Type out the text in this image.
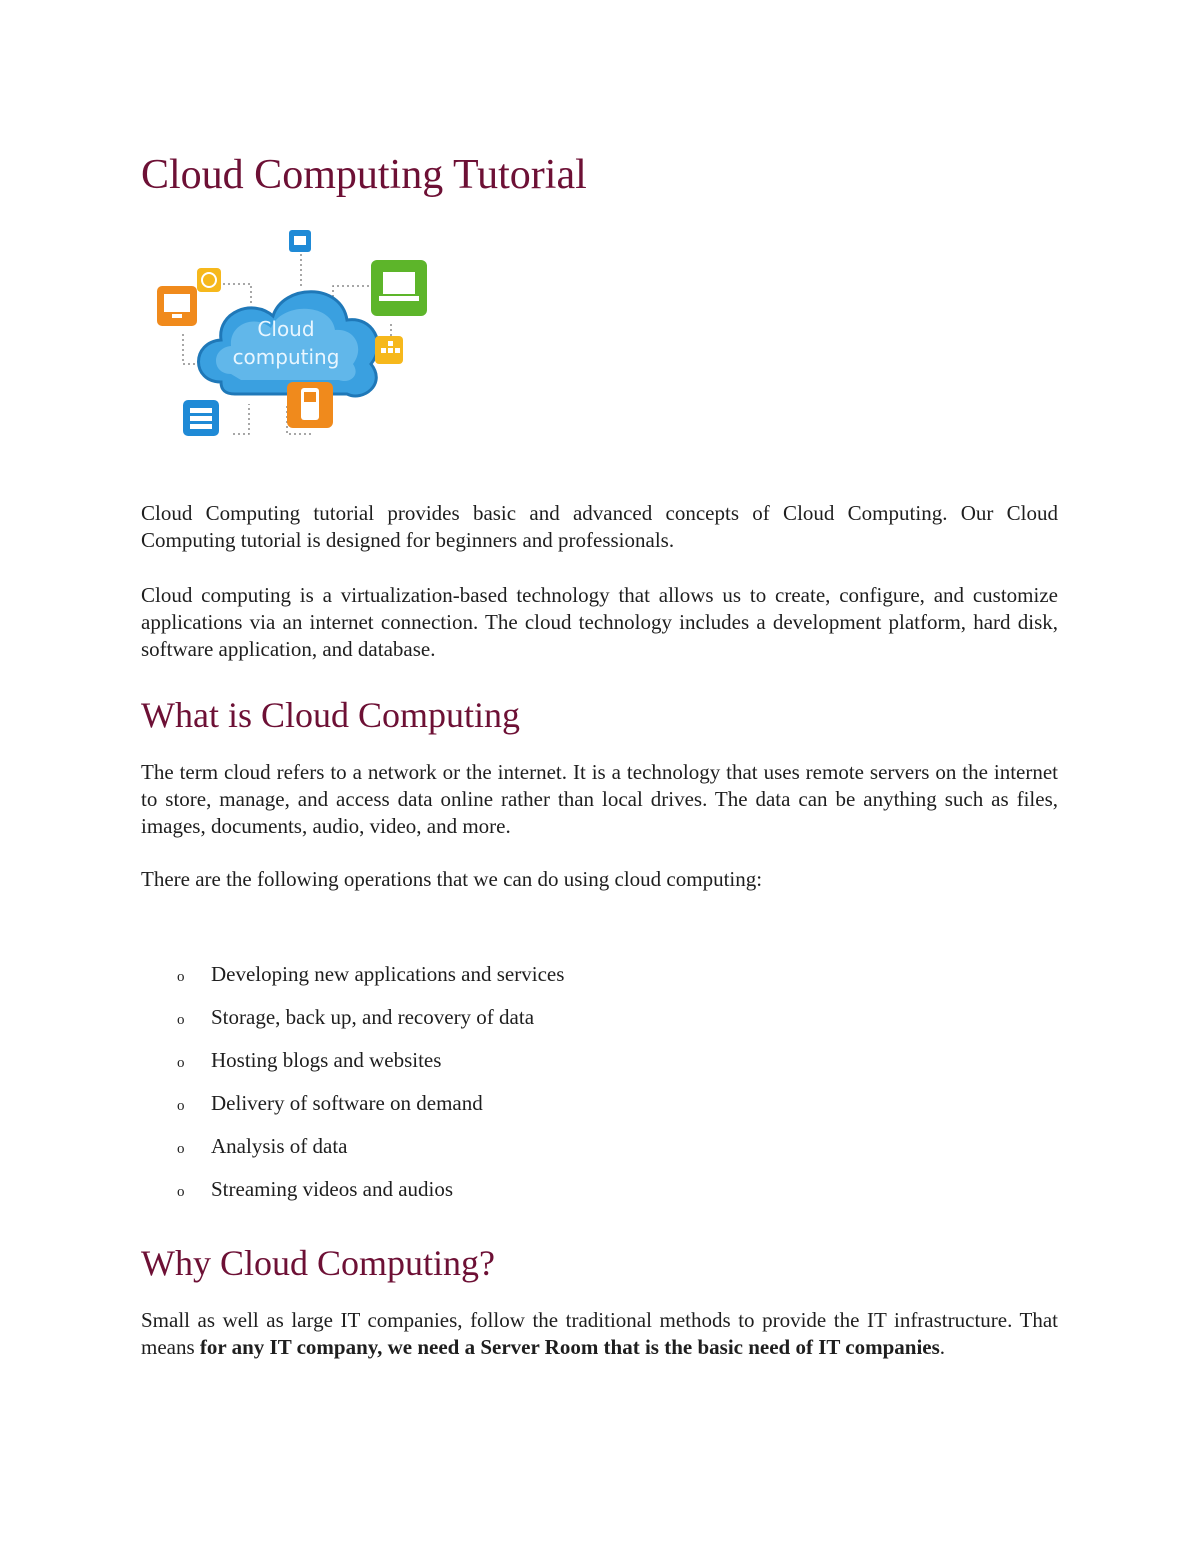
Cloud Computing Tutorial
Cloud
computing

Cloud Computing tutorial provides basic and advanced concepts of Cloud Computing. Our Cloud Computing tutorial is designed for beginners and professionals.

Cloud computing is a virtualization-based technology that allows us to create, configure, and customize applications via an internet connection. The cloud technology includes a development platform, hard disk, software application, and database.

What is Cloud Computing

The term cloud refers to a network or the internet. It is a technology that uses remote servers on the internet to store, manage, and access data online rather than local drives. The data can be anything such as files, images, documents, audio, video, and more.

There are the following operations that we can do using cloud computing:

o Developing new applications and services
o Storage, back up, and recovery of data
o Hosting blogs and websites
o Delivery of software on demand
o Analysis of data
o Streaming videos and audios
Why Cloud Computing?

Small as well as large IT companies, follow the traditional methods to provide the IT infrastructure. That means for any IT company, we need a Server Room that is the basic need of IT companies.
